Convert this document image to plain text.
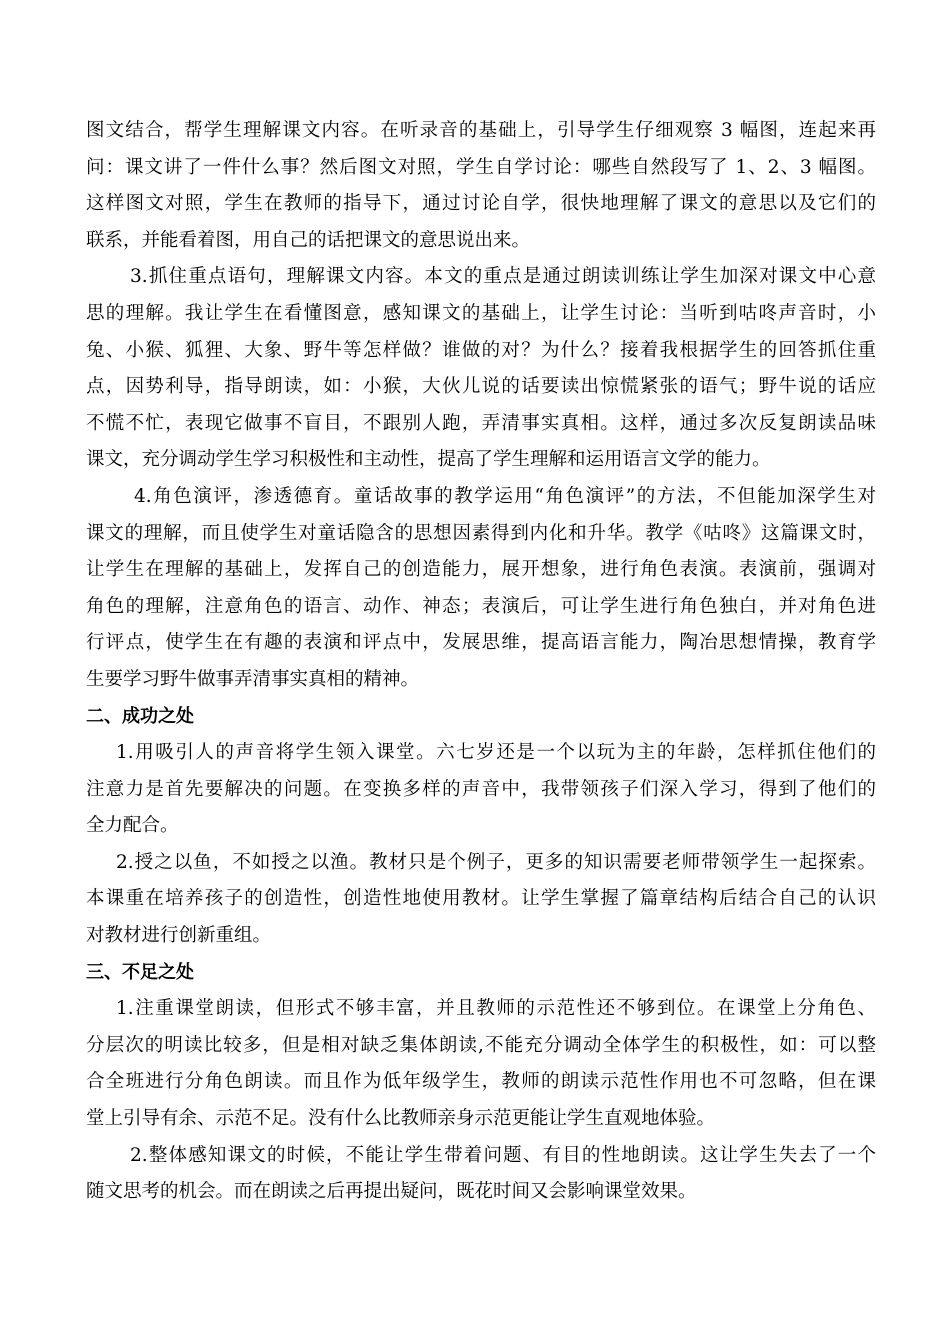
图文结合，帮学生理解课文内容。在听录音的基础上，引导学生仔细观察 3 幅图，连起来再
问：课文讲了一件什么事？然后图文对照，学生自学讨论：哪些自然段写了 1、2、3 幅图。
这样图文对照，学生在教师的指导下，通过讨论自学，很快地理解了课文的意思以及它们的
联系，并能看着图，用自己的话把课文的意思说出来。
3.抓住重点语句，理解课文内容。本文的重点是通过朗读训练让学生加深对课文中心意
思的理解。我让学生在看懂图意，感知课文的基础上，让学生讨论：当听到咕咚声音时，小
兔、小猴、狐狸、大象、野牛等怎样做？谁做的对？为什么？接着我根据学生的回答抓住重
点，因势利导，指导朗读，如：小猴，大伙儿说的话要读出惊慌紧张的语气；野牛说的话应
不慌不忙，表现它做事不盲目，不跟别人跑，弄清事实真相。这样，通过多次反复朗读品味
课文，充分调动学生学习积极性和主动性，提高了学生理解和运用语言文学的能力。
4.角色演评，渗透德育。童话故事的教学运用“角色演评”的方法，不但能加深学生对
课文的理解，而且使学生对童话隐含的思想因素得到内化和升华。教学《咕咚》这篇课文时，
让学生在理解的基础上，发挥自己的创造能力，展开想象，进行角色表演。表演前，强调对
角色的理解，注意角色的语言、动作、神态；表演后，可让学生进行角色独白，并对角色进
行评点，使学生在有趣的表演和评点中，发展思维，提高语言能力，陶冶思想情操，教育学
生要学习野牛做事弄清事实真相的精神。
二、成功之处
1.用吸引人的声音将学生领入课堂。六七岁还是一个以玩为主的年龄，怎样抓住他们的
注意力是首先要解决的问题。在变换多样的声音中，我带领孩子们深入学习，得到了他们的
全力配合。
2.授之以鱼，不如授之以渔。教材只是个例子，更多的知识需要老师带领学生一起探索。
本课重在培养孩子的创造性，创造性地使用教材。让学生掌握了篇章结构后结合自己的认识
对教材进行创新重组。
三、不足之处
1.注重课堂朗读，但形式不够丰富，并且教师的示范性还不够到位。在课堂上分角色、
分层次的明读比较多，但是相对缺乏集体朗读,不能充分调动全体学生的积极性，如：可以整
合全班进行分角色朗读。而且作为低年级学生，教师的朗读示范性作用也不可忽略，但在课
堂上引导有余、示范不足。没有什么比教师亲身示范更能让学生直观地体验。
2.整体感知课文的时候，不能让学生带着问题、有目的性地朗读。这让学生失去了一个
随文思考的机会。而在朗读之后再提出疑问，既花时间又会影响课堂效果。
